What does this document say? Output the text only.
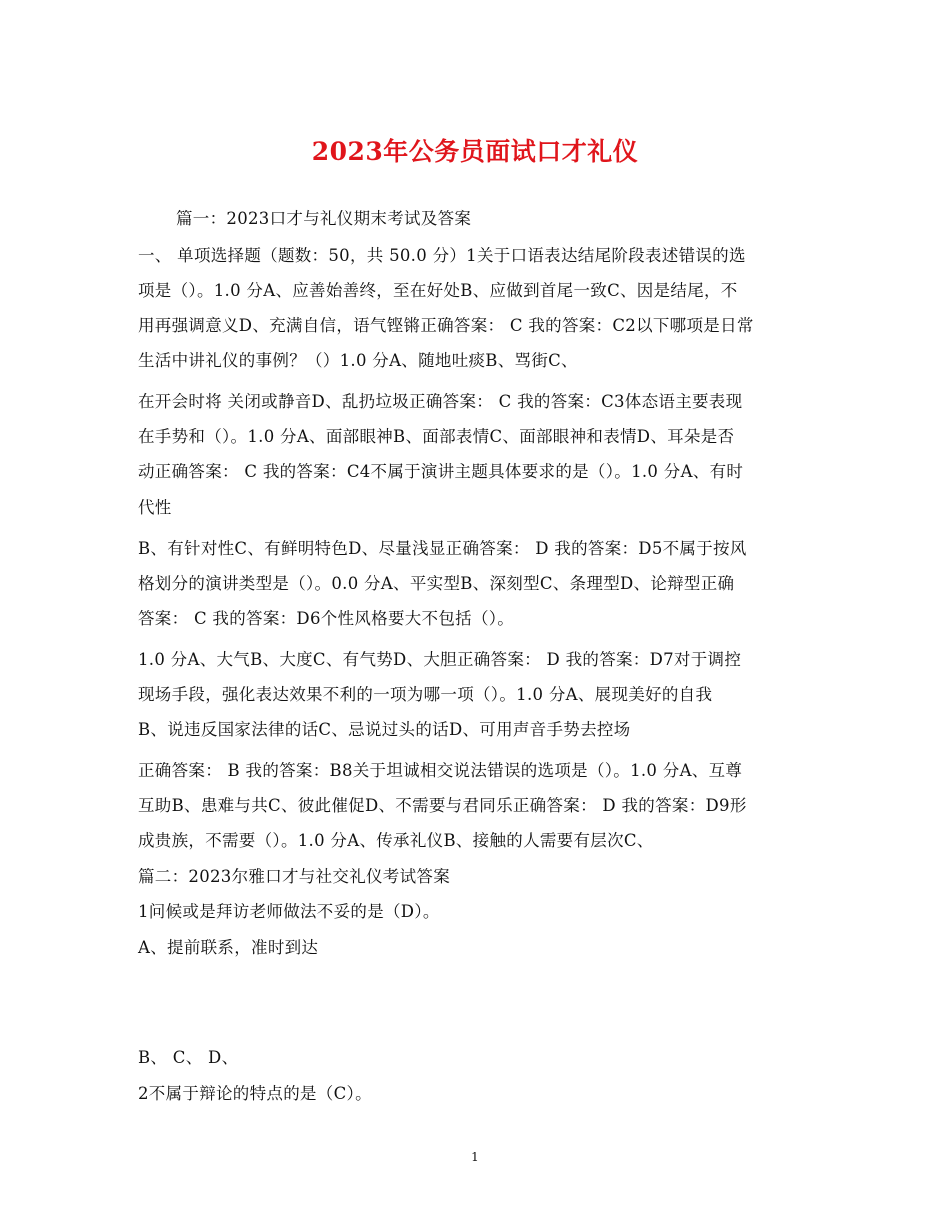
2023年公务员面试口才礼仪
篇一：2023口才与礼仪期末考试及答案
一、 单项选择题（题数：50，共 50.0 分）1关于口语表达结尾阶段表述错误的选
项是（）。1.0 分A、应善始善终，至在好处B、应做到首尾一致C、因是结尾，不
用再强调意义D、充满自信，语气铿锵正确答案： C 我的答案：C2以下哪项是日常
生活中讲礼仪的事例？（）1.0 分A、随地吐痰B、骂街C、
在开会时将 关闭或静音D、乱扔垃圾正确答案： C 我的答案：C3体态语主要表现
在手势和（）。1.0 分A、面部眼神B、面部表情C、面部眼神和表情D、耳朵是否
动正确答案： C 我的答案：C4不属于演讲主题具体要求的是（）。1.0 分A、有时
代性
B、有针对性C、有鲜明特色D、尽量浅显正确答案： D 我的答案：D5不属于按风
格划分的演讲类型是（）。0.0 分A、平实型B、深刻型C、条理型D、论辩型正确
答案： C 我的答案：D6个性风格要大不包括（）。
1.0 分A、大气B、大度C、有气势D、大胆正确答案： D 我的答案：D7对于调控
现场手段，强化表达效果不利的一项为哪一项（）。1.0 分A、展现美好的自我
B、说违反国家法律的话C、忌说过头的话D、可用声音手势去控场
正确答案： B 我的答案：B8关于坦诚相交说法错误的选项是（）。1.0 分A、互尊
互助B、患难与共C、彼此催促D、不需要与君同乐正确答案： D 我的答案：D9形
成贵族，不需要（）。1.0 分A、传承礼仪B、接触的人需要有层次C、
篇二：2023尔雅口才与社交礼仪考试答案
1问候或是拜访老师做法不妥的是（D）。
A、提前联系，准时到达
B、 C、 D、
2不属于辩论的特点的是（C）。
1
